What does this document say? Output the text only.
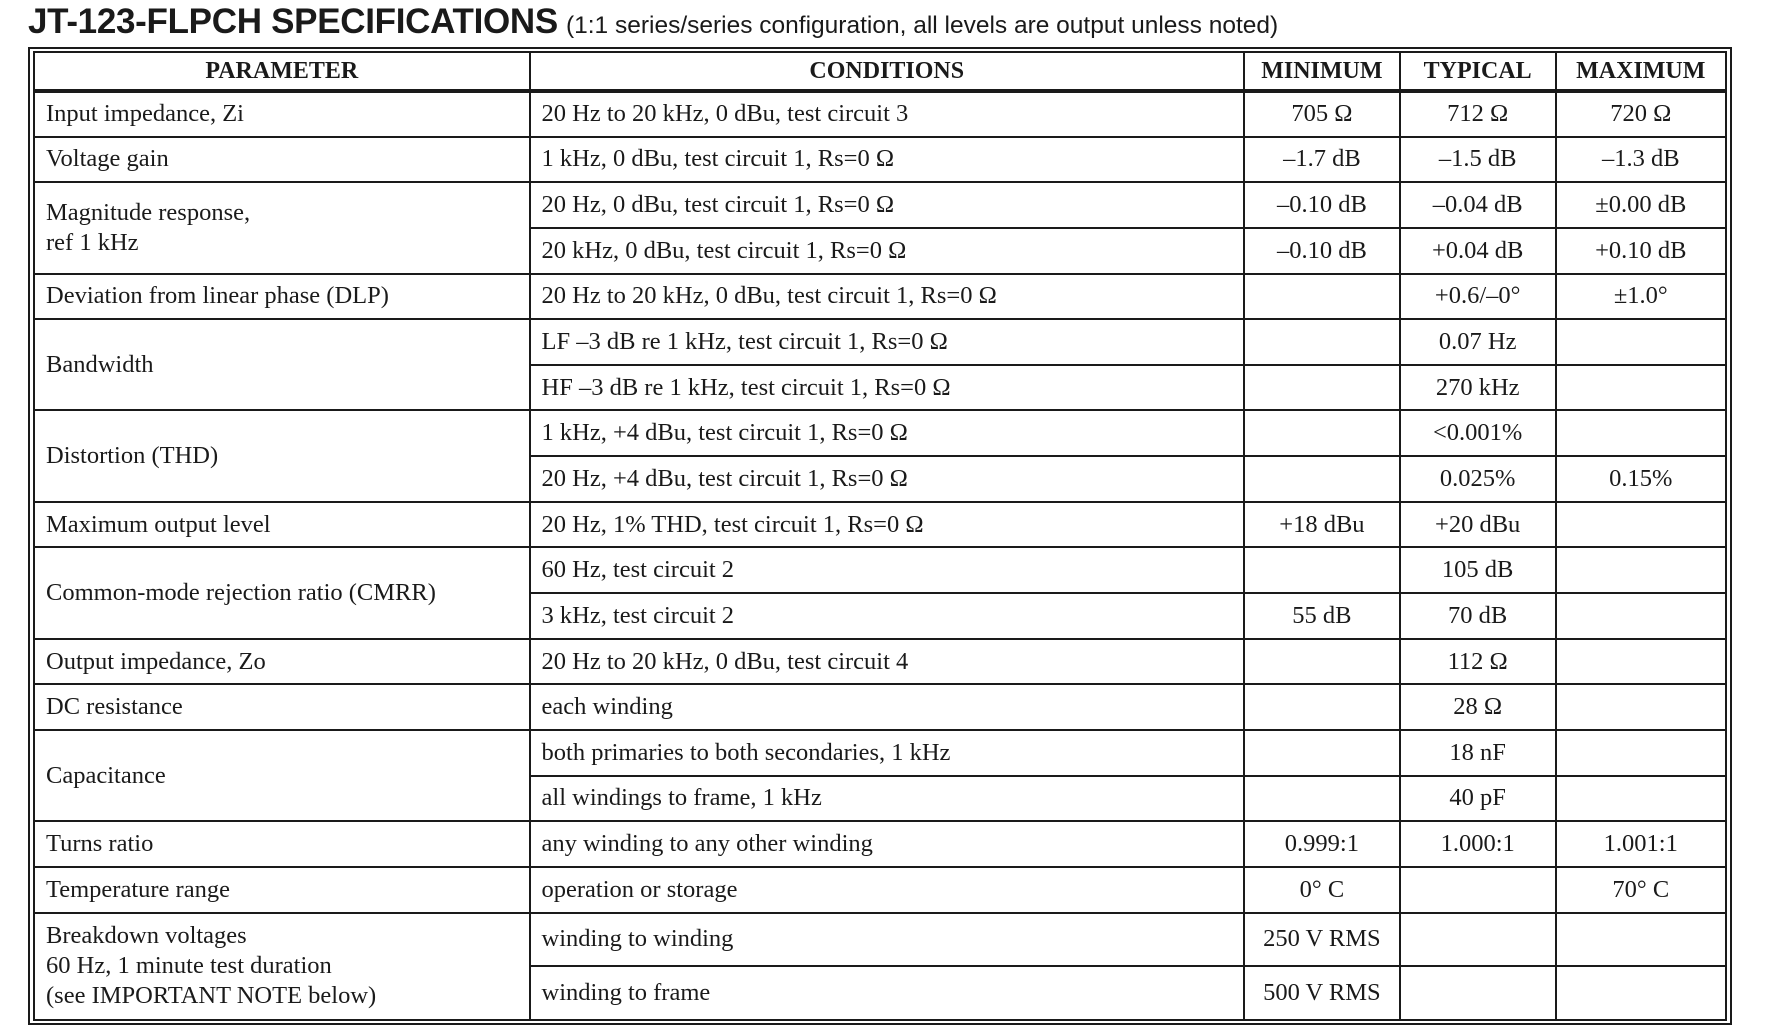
JT-123-FLPCH SPECIFICATIONS (1:1 series/series configuration, all levels are output unless noted)
PARAMETER	CONDITIONS	MINIMUM	TYPICAL	MAXIMUM
Input impedance, Zi	20 Hz to 20 kHz, 0 dBu, test circuit 3	705 Ω	712 Ω	720 Ω
Voltage gain	1 kHz, 0 dBu, test circuit 1, Rs=0 Ω	–1.7 dB	–1.5 dB	–1.3 dB

Magnitude response,
ref 1 kHz	20 Hz, 0 dBu, test circuit 1, Rs=0 Ω	–0.10 dB	–0.04 dB	±0.00 dB
	20 kHz, 0 dBu, test circuit 1, Rs=0 Ω	–0.10 dB	+0.04 dB	+0.10 dB
Deviation from linear phase (DLP)	20 Hz to 20 kHz, 0 dBu, test circuit 1, Rs=0 Ω		+0.6/–0°	±1.0°
Bandwidth	LF –3 dB re 1 kHz, test circuit 1, Rs=0 Ω		0.07 Hz	
	HF –3 dB re 1 kHz, test circuit 1, Rs=0 Ω		270 kHz	
Distortion (THD)	1 kHz, +4 dBu, test circuit 1, Rs=0 Ω		<0.001%	
	20 Hz, +4 dBu, test circuit 1, Rs=0 Ω		0.025%	0.15%
Maximum output level	20 Hz, 1% THD, test circuit 1, Rs=0 Ω	+18 dBu	+20 dBu	
Common-mode rejection ratio (CMRR)	60 Hz, test circuit 2		105 dB	
	3 kHz, test circuit 2	55 dB	70 dB	
Output impedance, Zo	20 Hz to 20 kHz, 0 dBu, test circuit 4		112 Ω	
DC resistance	each winding		28 Ω	
Capacitance	both primaries to both secondaries, 1 kHz		18 nF	
	all windings to frame, 1 kHz		40 pF	
Turns ratio	any winding to any other winding	0.999:1	1.000:1	1.001:1
Temperature range	operation or storage	0° C		70° C

Breakdown voltages
60 Hz, 1 minute test duration
(see IMPORTANT NOTE below)	winding to winding	250 V RMS		
	winding to frame	500 V RMS		
